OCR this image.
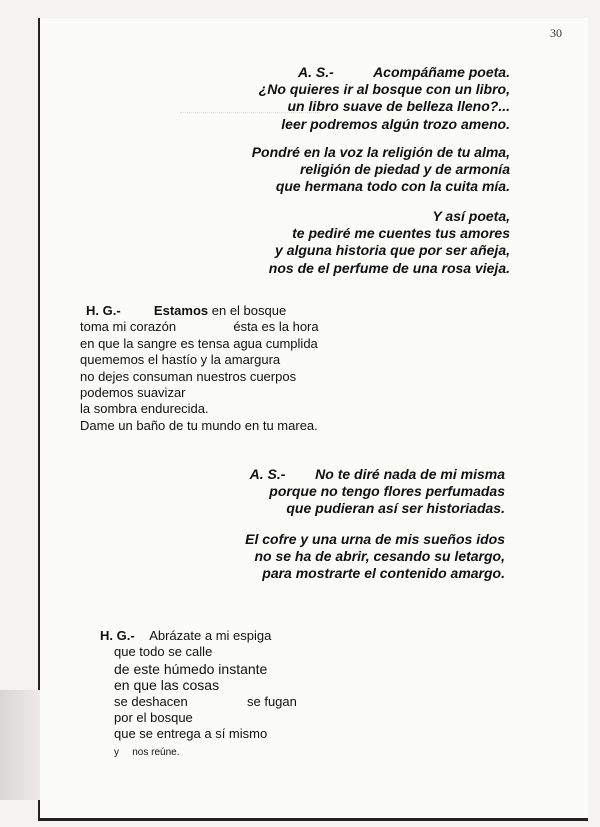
30
A. S.-	Acompáñame poeta.
¿No quieres ir al bosque con un libro,
un libro suave de belleza lleno?...
leer podremos algún trozo ameno.
Pondré en la voz la religión de tu alma,
religión de piedad y de armonía
que hermana todo con la cuita mía.
Y así poeta,
te pediré me cuentes tus amores
y alguna historia que por ser añeja,
nos de el perfume de una rosa vieja.
H. G.-	Estamos en el bosque
toma mi corazón	ésta es la hora
en que la sangre es tensa agua cumplida
quememos el hastío y la amargura
no dejes consuman nuestros cuerpos
podemos suavizar
la sombra endurecida.
Dame un baño de tu mundo en tu marea.
A. S.- No te diré nada de mi misma
porque no tengo flores perfumadas
que pudieran así ser historiadas.
El cofre y una urna de mis sueños idos
no se ha de abrir, cesando su letargo,
para mostrarte el contenido amargo.
H. G.- Abrázate a mi espiga
que todo se calle
de este húmedo instante
en que las cosas
se deshacen	se fugan
por el bosque
que se entrega a sí mismo
y nos reúne.
